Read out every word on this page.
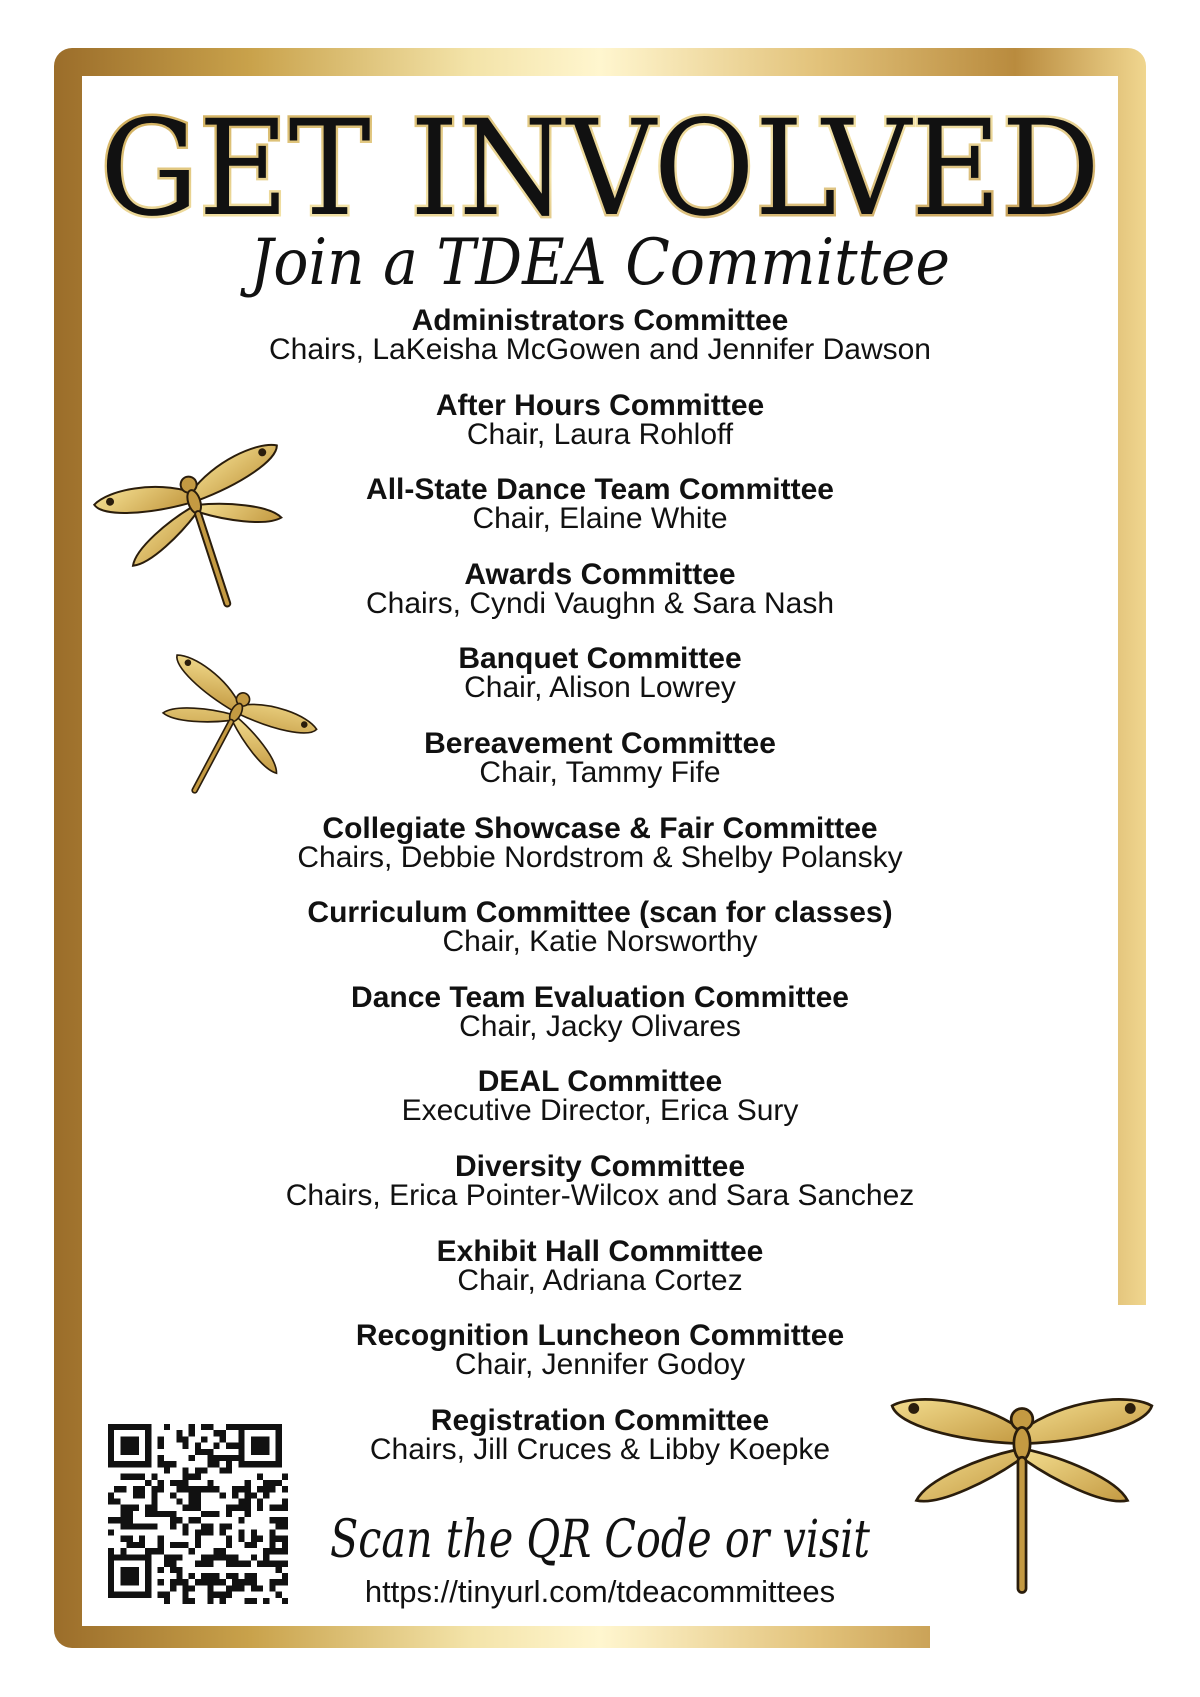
GET INVOLVED
Join a TDEA Committee
Administrators Committee
Chairs, LaKeisha McGowen and Jennifer Dawson
After Hours Committee
Chair, Laura Rohloff
All-State Dance Team Committee
Chair, Elaine White
Awards Committee
Chairs, Cyndi Vaughn & Sara Nash
Banquet Committee
Chair, Alison Lowrey
Bereavement Committee
Chair, Tammy Fife
Collegiate Showcase & Fair Committee
Chairs, Debbie Nordstrom & Shelby Polansky
Curriculum Committee (scan for classes)
Chair, Katie Norsworthy
Dance Team Evaluation Committee
Chair, Jacky Olivares
DEAL Committee
Executive Director, Erica Sury
Diversity Committee
Chairs, Erica Pointer-Wilcox and Sara Sanchez
Exhibit Hall Committee
Chair, Adriana Cortez
Recognition Luncheon Committee
Chair, Jennifer Godoy
Registration Committee
Chairs, Jill Cruces & Libby Koepke
Scan the QR Code or visit
https://tinyurl.com/tdeacommittees
